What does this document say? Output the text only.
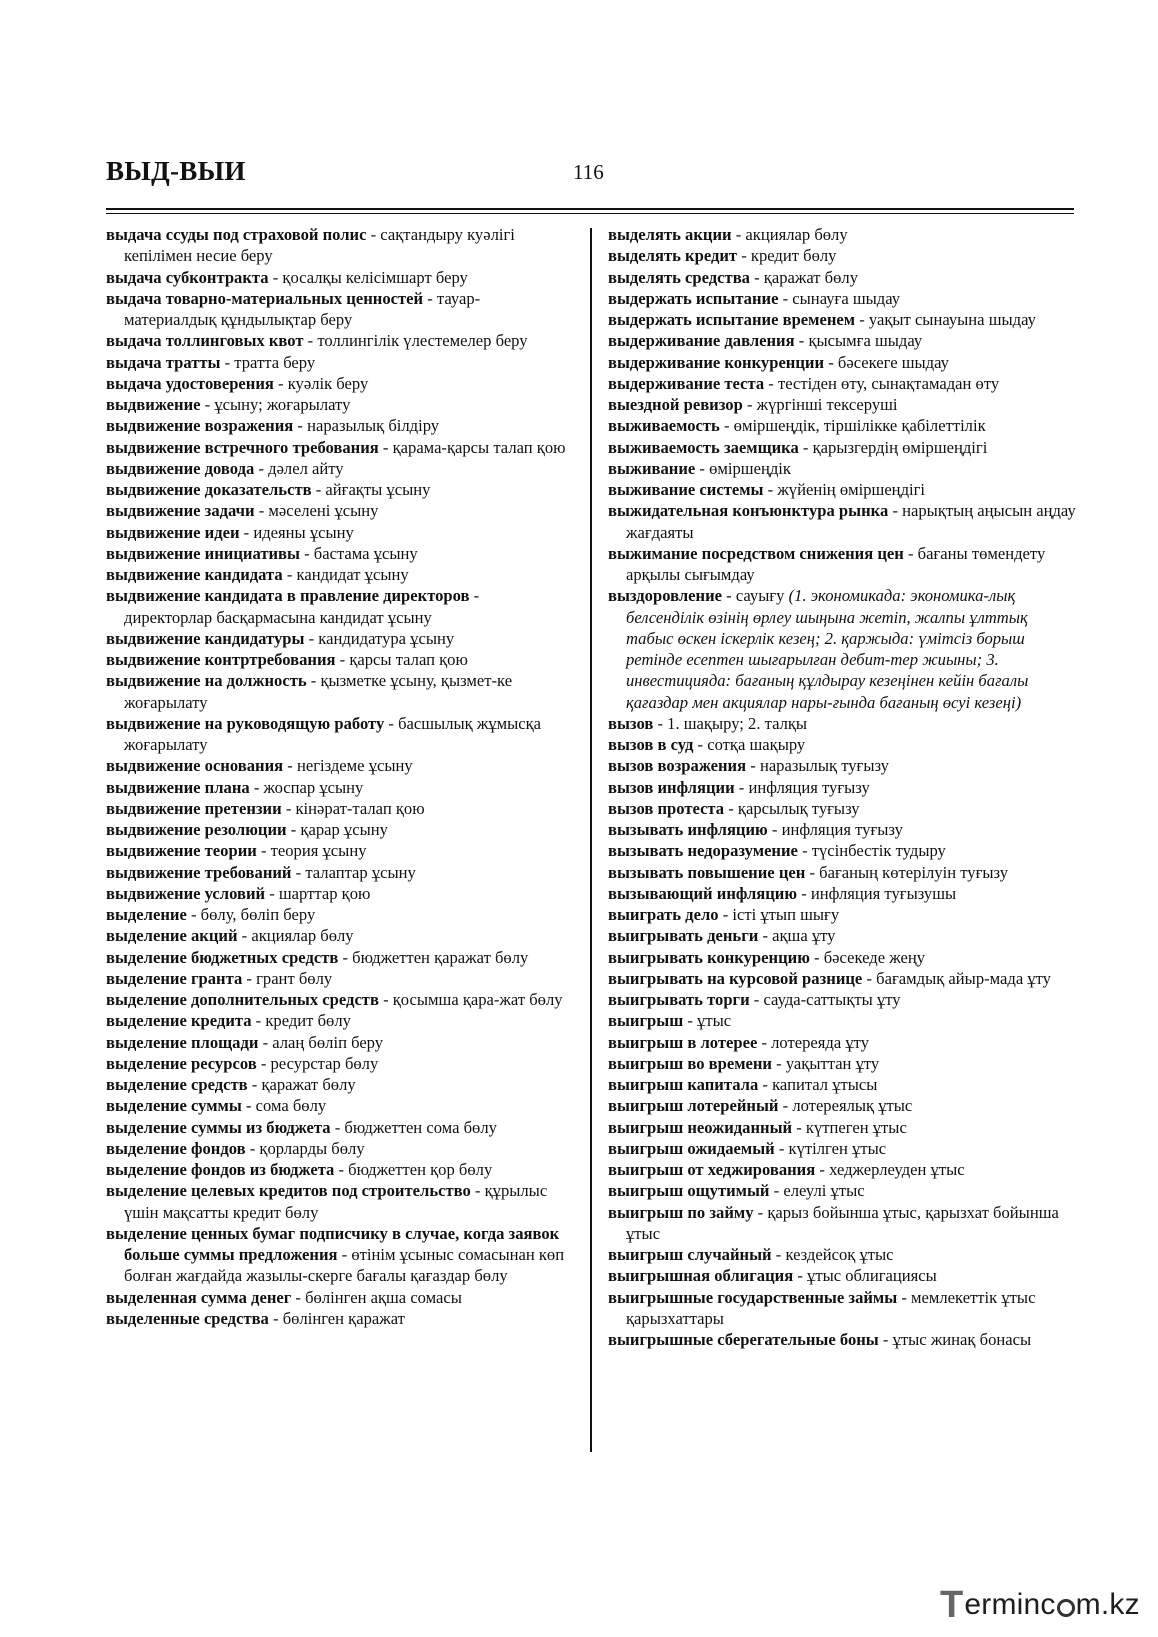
ВЫД-ВЫИ	116

выдача ссуды под страховой полис - сақтандыру куәлігі кепілімен несие беру

выдача субконтракта - қосалқы келісімшарт беру

выдача товарно-материальных ценностей - тауар-материалдық құндылықтар беру

выдача толлинговых квот - толлингілік үлестемелер беру

выдача тратты - тратта беру

выдача удостоверения - куәлік беру

выдвижение - ұсыну; жоғарылату

выдвижение возражения - наразылық білдіру

выдвижение встречного требования - қарама-қарсы талап қою

выдвижение довода - дәлел айту

выдвижение доказательств - айғақты ұсыну

выдвижение задачи - мәселені ұсыну

выдвижение идеи - идеяны ұсыну

выдвижение инициативы - бастама ұсыну

выдвижение кандидата - кандидат ұсыну

выдвижение кандидата в правление директоров - директорлар басқармасына кандидат ұсыну

выдвижение кандидатуры - кандидатура ұсыну

выдвижение контртребования - қарсы талап қою

выдвижение на должность - қызметке ұсыну, қызмет-ке жоғарылату

выдвижение на руководящую работу - басшылық жұмысқа жоғарылату

выдвижение основания - негіздеме ұсыну

выдвижение плана - жоспар ұсыну

выдвижение претензии - кінәрат-талап қою

выдвижение резолюции - қарар ұсыну

выдвижение теории - теория ұсыну

выдвижение требований - талаптар ұсыну

выдвижение условий - шарттар қою

выделение - бөлу, бөліп беру

выделение акций - акциялар бөлу

выделение бюджетных средств - бюджеттен қаражат бөлу

выделение гранта - грант бөлу

выделение дополнительных средств - қосымша қара-жат бөлу

выделение кредита - кредит бөлу

выделение площади - алаң бөліп беру

выделение ресурсов - ресурстар бөлу

выделение средств - қаражат бөлу

выделение суммы - сома бөлу

выделение суммы из бюджета - бюджеттен сома бөлу

выделение фондов - қорларды бөлу

выделение фондов из бюджета - бюджеттен қор бөлу

выделение целевых кредитов под строительство - құрылыс үшін мақсатты кредит бөлу

выделение ценных бумаг подписчику в случае, когда заявок больше суммы предложения - өтінім ұсыныс сомасынан көп болған жағдайда жазылы-скерге бағалы қағаздар бөлу

выделенная сумма денег - бөлінген ақша сомасы

выделенные средства - бөлінген қаражат

выделять акции - акциялар бөлу

выделять кредит - кредит бөлу

выделять средства - қаражат бөлу

выдержать испытание - сынауға шыдау

выдержать испытание временем - уақыт сынауына шыдау

выдерживание давления - қысымға шыдау

выдерживание конкуренции - бәсекеге шыдау

выдерживание теста - тестіден өту, сынақтамадан өту

выездной ревизор - жүргінші тексеруші

выживаемость - өміршеңдік, тіршілікке қабілеттілік

выживаемость заемщика - қарызгердің өміршеңдігі

выживание - өміршеңдік

выживание системы - жүйенің өміршеңдігі

выжидательная конъюнктура рынка - нарықтың аңысын аңдау жағдаяты

выжимание посредством снижения цен - бағаны төмендету арқылы сығымдау

выздоровление - сауығу (1. экономикада: экономика-лық белсенділік өзінің өрлеу шыңына жетіп, жалпы ұлттық табыс өскен іскерлік кезең; 2. қаржыда: үмітсіз борыш ретінде есептен шығарылған дебит-тер жиыны; 3. инвестицияда: бағаның құлдырау кезеңінен кейін бағалы қағаздар мен акциялар нары-ғында бағаның өсуі кезеңі)

вызов - 1. шақыру; 2. талқы

вызов в суд - сотқа шақыру

вызов возражения - наразылық туғызу

вызов инфляции - инфляция туғызу

вызов протеста - қарсылық туғызу

вызывать инфляцию - инфляция туғызу

вызывать недоразумение - түсінбестік тудыру

вызывать повышение цен - бағаның көтерілуін туғызу

вызывающий инфляцию - инфляция туғызушы

выиграть дело - істі ұтып шығу

выигрывать деньги - ақша ұту

выигрывать конкуренцию - бәсекеде жеңу

выигрывать на курсовой разнице - бағамдық айыр-мада ұту

выигрывать торги - сауда-саттықты ұту

выигрыш - ұтыс

выигрыш в лотерее - лотереяда ұту

выигрыш во времени - уақыттан ұту

выигрыш капитала - капитал ұтысы

выигрыш лотерейный - лотереялық ұтыс

выигрыш неожиданный - күтпеген ұтыс

выигрыш ожидаемый - күтілген ұтыс

выигрыш от хеджирования - хеджерлеуден ұтыс

выигрыш ощутимый - елеулі ұтыс

выигрыш по займу - қарыз бойынша ұтыс, қарызхат бойынша ұтыс

выигрыш случайный - кездейсоқ ұтыс

выигрышная облигация - ұтыс облигациясы

выигрышные государственные займы - мемлекеттік ұтыс қарызхаттары

выигрышные сберегательные боны - ұтыс жинақ бонасы

T erminc m.kz
